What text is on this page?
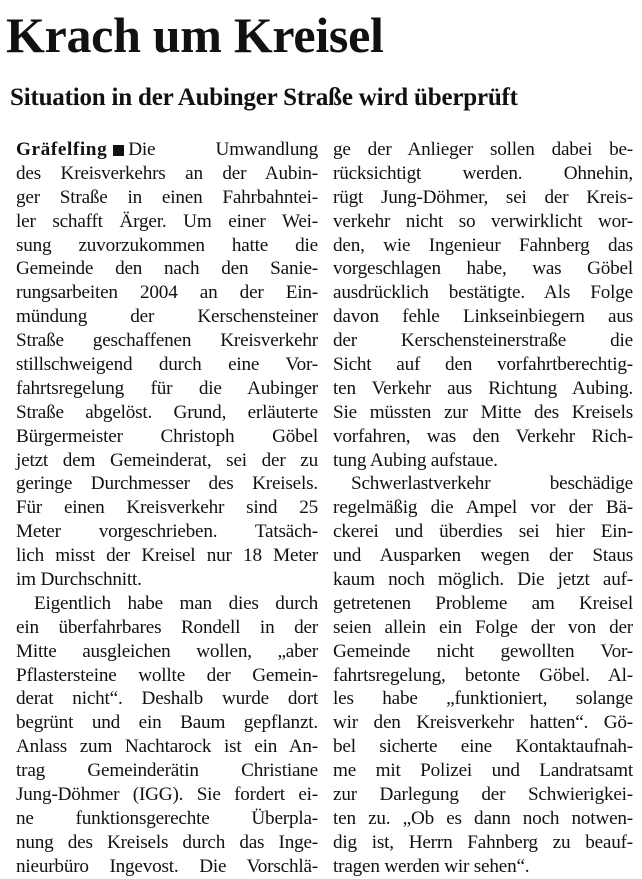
Krach um Kreisel
Situation in der Aubinger Straße wird überprüft
Gräfelfing Die Umwandlung
des Kreisverkehrs an der Aubin-
ger Straße in einen Fahrbahntei-
ler schafft Ärger. Um einer Wei-
sung zuvorzukommen hatte die
Gemeinde den nach den Sanie-
rungsarbeiten 2004 an der Ein-
mündung der Kerschensteiner
Straße geschaffenen Kreisverkehr
stillschweigend durch eine Vor-
fahrtsregelung für die Aubinger
Straße abgelöst. Grund, erläuterte
Bürgermeister Christoph Göbel
jetzt dem Gemeinderat, sei der zu
geringe Durchmesser des Kreisels.
Für einen Kreisverkehr sind 25
Meter vorgeschrieben. Tatsäch-
lich misst der Kreisel nur 18 Meter
im Durchschnitt.
Eigentlich habe man dies durch
ein überfahrbares Rondell in der
Mitte ausgleichen wollen, „aber
Pflastersteine wollte der Gemein-
derat nicht“. Deshalb wurde dort
begrünt und ein Baum gepflanzt.
Anlass zum Nachtarock ist ein An-
trag Gemeinderätin Christiane
Jung-Döhmer (IGG). Sie fordert ei-
ne funktionsgerechte Überpla-
nung des Kreisels durch das Inge-
nieurbüro Ingevost. Die Vorschlä-
ge der Anlieger sollen dabei be-
rücksichtigt werden. Ohnehin,
rügt Jung-Döhmer, sei der Kreis-
verkehr nicht so verwirklicht wor-
den, wie Ingenieur Fahnberg das
vorgeschlagen habe, was Göbel
ausdrücklich bestätigte. Als Folge
davon fehle Linkseinbiegern aus
der Kerschensteinerstraße die
Sicht auf den vorfahrtberechtig-
ten Verkehr aus Richtung Aubing.
Sie müssten zur Mitte des Kreisels
vorfahren, was den Verkehr Rich-
tung Aubing aufstaue.
Schwerlastverkehr beschädige
regelmäßig die Ampel vor der Bä-
ckerei und überdies sei hier Ein-
und Ausparken wegen der Staus
kaum noch möglich. Die jetzt auf-
getretenen Probleme am Kreisel
seien allein ein Folge der von der
Gemeinde nicht gewollten Vor-
fahrtsregelung, betonte Göbel. Al-
les habe „funktioniert, solange
wir den Kreisverkehr hatten“. Gö-
bel sicherte eine Kontaktaufnah-
me mit Polizei und Landratsamt
zur Darlegung der Schwierigkei-
ten zu. „Ob es dann noch notwen-
dig ist, Herrn Fahnberg zu beauf-
tragen werden wir sehen“.
